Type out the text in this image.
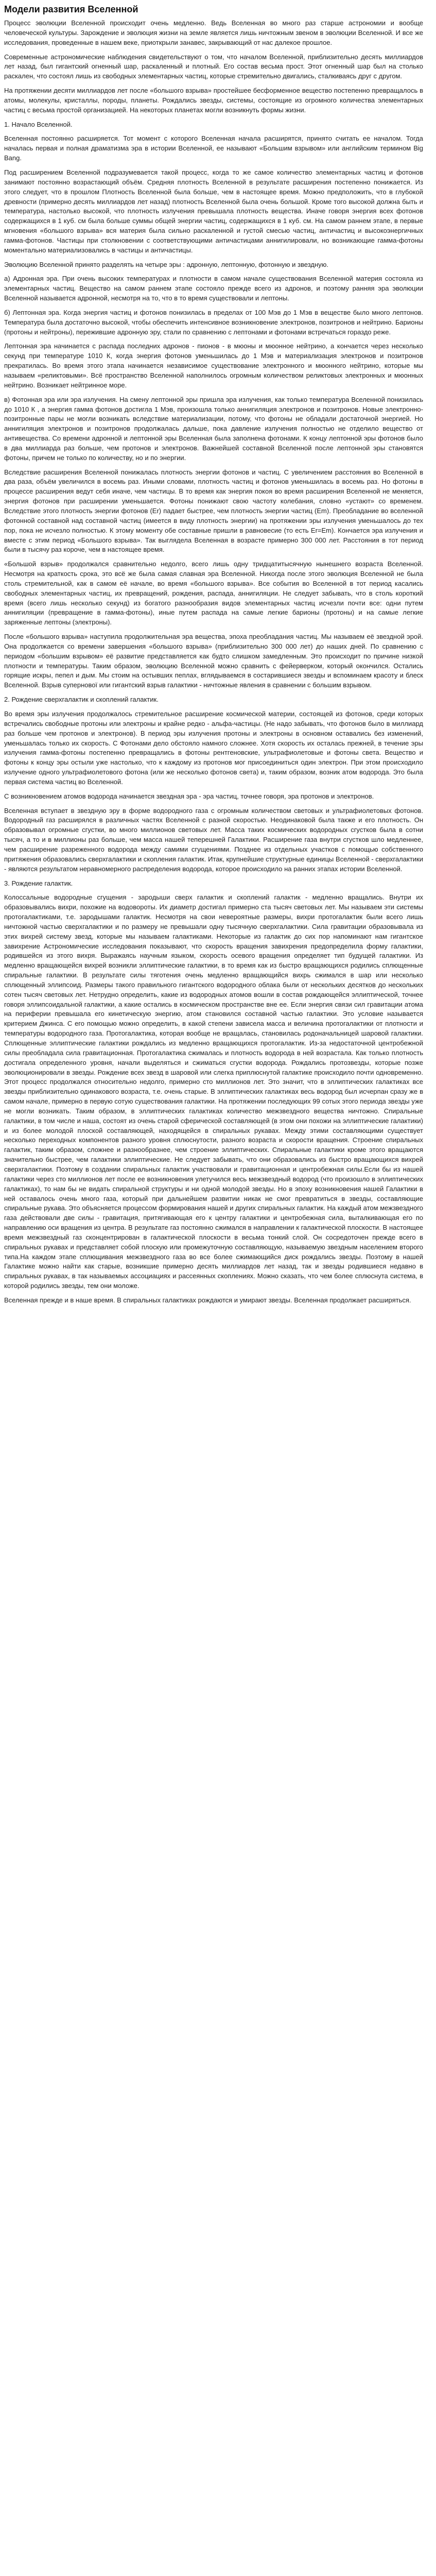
Модели развития Вселенной

Процесс эволюции Вселенной происходит очень медленно. Ведь Вселенная во много раз старше астрономии и вообще человеческой культуры. Зарождение и эволюция жизни на земле является лишь ничтожным звеном в эволюции Вселенной. И все же исследования, проведенные в нашем веке, приоткрыли занавес, закрывающий от нас далекое прошлое.

Современные астрономические наблюдения свидетельствуют о том, что началом Вселенной, приблизительно десять миллиардов лет назад, был гигантский огненный шар, раскаленный и плотный. Его состав весьма прост. Этот огненный шар был на столько раскален, что состоял лишь из свободных элементарных частиц, которые стремительно двигались, сталкиваясь друг с другом.

На протяжении десяти миллиардов лет после «большого взрыва» простейшее бесформенное вещество постепенно превращалось в атомы, молекулы, кристаллы, породы, планеты. Рождались звезды, системы, состоящие из огромного количества элементарных частиц с весьма простой организацией. На некоторых планетах могли возникнуть формы жизни.

1. Начало Вселенной.

Вселенная постоянно расширяется. Тот момент с которого Вселенная начала расширятся, принято считать ее началом. Тогда началась первая и полная драматизма эра в истории Вселенной, ее называют «Большим взрывом» или английским термином Big Bang.

Под расширением Вселенной подразумевается такой процесс, когда то же самое количество элементарных частиц и фотонов занимают постоянно возрастающий объём. Средняя плотность Вселенной в результате расширения постепенно понижается. Из этого следует, что в прошлом Плотность Вселенной была больше, чем в настоящее время. Можно предположить, что в глубокой древности (примерно десять миллиардов лет назад) плотность Вселенной была очень большой. Кроме того высокой должна быть и температура, настолько высокой, что плотность излучения превышала плотность вещества. Иначе говоря энергия всех фотонов содержащихся в 1 куб. см была больше суммы общей энергии частиц, содержащихся в 1 куб. см. На самом раннем этапе, в первые мгновения «большого взрыва» вся материя была сильно раскаленной и густой смесью частиц, античастиц и высокоэнергичных гамма-фотонов. Частицы при столкновении с соответствующими античастицами аннигилировали, но возникающие гамма-фотоны моментально материализовались в частицы и античастицы.

Эволюцию Вселенной принято разделять на четыре эры : адронную, лептонную, фотонную и звездную.

а) Адронная эра. При очень высоких температурах и плотности в самом начале существования Вселенной материя состояла из элементарных частиц. Вещество на самом раннем этапе состояло прежде всего из адронов, и поэтому ранняя эра эволюции Вселенной называется адронной, несмотря на то, что в то время существовали и лептоны.

б) Лептонная эра. Когда энергия частиц и фотонов понизилась в пределах от 100 Мэв до 1 Мэв в веществе было много лептонов. Температура была достаточно высокой, чтобы обеспечить интенсивное возникновение электронов, позитронов и нейтрино. Барионы (протоны и нейтроны), пережившие адронную эру, стали по сравнению с лептонами и фотонами встречаться гораздо реже.

Лептонная эра начинается с распада последних адронов - пионов - в мюоны и мюонное нейтрино, а кончается через несколько секунд при температуре 1010 К, когда энергия фотонов уменьшилась до 1 Мэв и материализация электронов и позитронов прекратилась. Во время этого этапа начинается независимое существование электронного и мюонного нейтрино, которые мы называем «реликтовыми». Всё пространство Вселенной наполнилось огромным количеством реликтовых электронных и мюонных нейтрино. Возникает нейтринное море.

в) Фотонная эра или эра излучения. На смену лептонной эры пришла эра излучения, как только температура Вселенной понизилась до 1010 К , а энергия гамма фотонов достигла 1 Мэв, произошла только аннигиляция электронов и позитронов. Новые электронно-позитронные пары не могли возникать вследствие материализации, потому, что фотоны не обладали достаточной энергией. Но аннигиляция электронов и позитронов продолжалась дальше, пока давление излучения полностью не отделило вещество от антивещества. Со времени адронной и лептонной эры Вселенная была заполнена фотонами. К концу лептонной эры фотонов было в два миллиарда раз больше, чем протонов и электронов. Важнейшей составной Вселенной после лептонной эры становятся фотоны, причем не только по количеству, но и по энергии.

Вследствие расширения Вселенной понижалась плотность энергии фотонов и частиц. С увеличением расстояния во Вселенной в два раза, объём увеличился в восемь раз. Иными словами, плотность частиц и фотонов уменьшилась в восемь раз. Но фотоны в процессе расширения ведут себя иначе, чем частицы. В то время как энергия покоя во время расширения Вселенной не меняется, энергия фотонов при расширении уменьшается. Фотоны понижают свою частоту колебания, словно «устают» со временем. Вследствие этого плотность энергии фотонов (Er) падает быстрее, чем плотность энергии частиц (Em). Преобладание во вселенной фотонной составной над составной частиц (имеется в виду плотность энергии) на протяжении эры излучения уменьшалось до тех пор, пока не исчезло полностью. К этому моменту обе составные пришли в равновесие (то есть Er=Em). Кончается эра излучения и вместе с этим период «Большого взрыва». Так выглядела Вселенная в возрасте примерно 300 000 лет. Расстояния в тот период были в тысячу раз короче, чем в настоящее время.

«Большой взрыв» продолжался сравнительно недолго, всего лишь одну тридцатитысячную нынешнего возраста Вселенной. Несмотря на краткость срока, это всё же была самая славная эра Вселенной. Никогда после этого эволюция Вселенной не была столь стремительной, как в самом её начале, во время «большого взрыва». Все события во Вселенной в тот период касались свободных элементарных частиц, их превращений, рождения, распада, аннигиляции. Не следует забывать, что в столь короткий время (всего лишь несколько секунд) из богатого разнообразия видов элементарных частиц исчезли почти все: одни путем аннигиляции (превращение в гамма-фотоны), иные путем распада на самые легкие барионы (протоны) и на самые легкие заряженные лептоны (электроны).

После «большого взрыва» наступила продолжительная эра вещества, эпоха преобладания частиц. Мы называем её звездной эрой. Она продолжается со времени завершения «большого взрыва» (приблизительно 300 000 лет) до наших дней. По сравнению с периодом «большим взрывом» её развитие представляется как будто слишком замедленным. Это происходит по причине низкой плотности и температуры. Таким образом, эволюцию Вселенной можно сравнить с фейерверком, который окончился. Остались горящие искры, пепел и дым. Мы стоим на остывших пеплах, вглядываемся в состарившиеся звезды и вспоминаем красоту и блеск Вселенной. Взрыв супернової или гигантский взрыв галактики - ничтожные явления в сравнении с большим взрывом.

2. Рождение сверхгалактик и скоплений галактик.

Во время эры излучения продолжалось стремительное расширение космической материи, состоящей из фотонов, среди которых встречались свободные протоны или электроны и крайне редко - альфа-частицы. (Не надо забывать, что фотонов было в миллиард раз больше чем протонов и электронов). В период эры излучения протоны и электроны в основном оставались без изменений, уменьшалась только их скорость. С Фотонами дело обстояло намного сложнее. Хотя скорость их осталась прежней, в течение эры излучения гамма-фотоны постепенно превращались в фотоны рентгеновские, ультрафиолетовые и фотоны света. Вещество и фотоны к концу эры остыли уже настолько, что к каждому из протонов мог присоединиться один электрон. При этом происходило излучение одного ультрафиолетового фотона (или же несколько фотонов света) и, таким образом, возник атом водорода. Это была первая система частиц во Вселенной.

С возникновением атомов водорода начинается звездная эра - эра частиц, точнее говоря, эра протонов и электронов.

Вселенная вступает в звездную эру в форме водородного газа с огромным количеством световых и ультрафиолетовых фотонов. Водородный газ расширялся в различных частях Вселенной с разной скоростью. Неодинаковой была также и его плотность. Он образовывал огромные сгустки, во много миллионов световых лет. Масса таких космических водородных сгустков была в сотни тысяч, а то и в миллионы раз больше, чем масса нашей теперешней Галактики. Расширение газа внутри сгустков шло медленнее, чем расширение разреженного водорода между самими сгущениями. Позднее из отдельных участков с помощью собственного притяжения образовались сверхгалактики и скопления галактик. Итак, крупнейшие структурные единицы Вселенной - сверхгалактики - являются результатом неравномерного распределения водорода, которое происходило на ранних этапах истории Вселенной.

3. Рождение галактик.

Колоссальные водородные сгущения - зародыши сверх галактик и скоплений галактик - медленно вращались. Внутри их образовывались вихри, похожие на водовороты. Их диаметр достигал примерно ста тысяч световых лет. Мы называем эти системы протогалактиками, т.е. зародышами галактик. Несмотря на свои невероятные размеры, вихри протогалактик были всего лишь ничтожной частью сверхгалактики и по размеру не превышали одну тысячную сверхгалактики. Сила гравитации образовывала из этих вихрей систему звезд, которые мы называем галактиками. Некоторые из галактик до сих пор напоминают нам гигантское завихрение Астрономические исследования показывают, что скорость вращения завихрения предопределила форму галактики, родившейся из этого вихря. Выражаясь научным языком, скорость осевого вращения определяет тип будущей галактики. Из медленно вращающейся вихрей возникли эллиптические галактики, в то время как из быстро вращающихся родились сплющенные спиральные галактики. В результате силы тяготения очень медленно вращающийся вихрь сжимался в шар или несколько сплющенный эллипсоид. Размеры такого правильного гигантского водородного облака были от нескольких десятков до нескольких сотен тысяч световых лет. Нетрудно определить, какие из водородных атомов вошли в состав рождающейся эллиптической, точнее говоря эллипсоидальной галактики, а какие остались в космическом пространстве вне ее. Если энергия связи сил гравитации атома на периферии превышала его кинетическую энергию, атом становился составной частью галактики. Это условие называется критерием Джинса. С его помощью можно определить, в какой степени зависела масса и величина протогалактики от плотности и температуры водородного газа. Протогалактика, которая вообще не вращалась, становилась родоначальницей шаровой галактики. Сплющенные эллиптические галактики рождались из медленно вращающихся протогалактик. Из-за недостаточной центробежной силы преобладала сила гравитационная. Протогалактика сжималась и плотность водорода в ней возрастала. Как только плотность достигала определенного уровня, начали выделяться и сжиматься сгустки водорода. Рождались протозвезды, которые позже эволюционировали в звезды. Рождение всех звезд в шаровой или слегка приплюснутой галактике происходило почти одновременно. Этот процесс продолжался относительно недолго, примерно сто миллионов лет. Это значит, что в эллиптических галактиках все звезды приблизительно одинакового возраста, т.е. очень старые. В эллиптических галактиках весь водород был исчерпан сразу же в самом начале, примерно в первую сотую существования галактики. На протяжении последующих 99 сотых этого периода звезды уже не могли возникать. Таким образом, в эллиптических галактиках количество межзвездного вещества ничтожно. Спиральные галактики, в том числе и наша, состоят из очень старой сферической составляющей (в этом они похожи на эллиптические галактики) и из более молодой плоской составляющей, находящейся в спиральных рукавах. Между этими составляющими существует несколько переходных компонентов разного уровня сплюснутости, разного возраста и скорости вращения. Строение спиральных галактик, таким образом, сложнее и разнообразнее, чем строение эллиптических. Спиральные галактики кроме этого вращаются значительно быстрее, чем галактики эллиптические. Не следует забывать, что они образовались из быстро вращающихся вихрей сверхгалактики. Поэтому в создании спиральных галактик участвовали и гравитационная и центробежная силы.Если бы из нашей галактики через сто миллионов лет после ее возникновения улетучился весь межзвездный водород (что произошло в эллиптических галактиках), то нам бы не видать спиральной структуры и ни одной молодой звезды. Но в эпоху возникновения нашей Галактики в ней оставалось очень много газа, который при дальнейшем развитии никак не смог превратиться в звезды, составляющие спиральные рукава. Это объясняется процессом формирования нашей и других спиральных галактик. На каждый атом межзвездного газа действовали две силы - гравитация, притягивающая его к центру галактики и центробежная сила, выталкивающая его по направлению оси вращения из центра. В результате газ постоянно сжимался в направлении к галактической плоскости. В настоящее время межзвездный газ сконцентрирован в галактической плоскости в весьма тонкий слой. Он сосредоточен прежде всего в спиральных рукавах и представляет собой плоскую или промежуточную составляющую, называемую звездным населением второго типа.На каждом этапе сплющивания межзвездного газа во все более сжимающийся диск рождались звезды. Поэтому в нашей Галактике можно найти как старые, возникшие примерно десять миллиардов лет назад, так и звезды родившиеся недавно в спиральных рукавах, в так называемых ассоциациях и рассеянных скоплениях. Можно сказать, что чем более сплюснута система, в которой родились звезды, тем они моложе.

Вселенная прежде и в наше время. В спиральных галактиках рождаются и умирают звезды. Вселенная продолжает расширяться.
